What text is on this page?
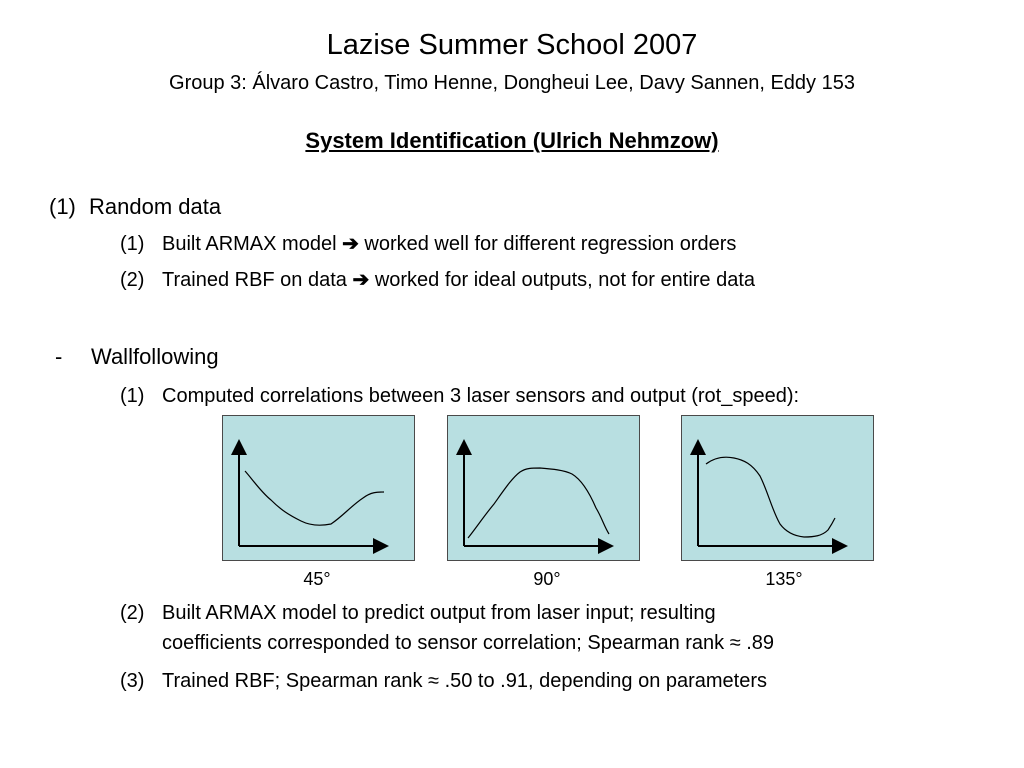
Lazise Summer School 2007
Group 3: Álvaro Castro, Timo Henne, Dongheui Lee, Davy Sannen, Eddy 153
System Identification (Ulrich Nehmzow)
(1) Random data
(1) Built ARMAX model ➔ worked well for different regression orders
(2) Trained RBF on data ➔ worked for ideal outputs, not for entire data
- Wallfollowing
(1) Computed correlations between 3 laser sensors and output (rot_speed):
45°	90°	135°
(2) Built ARMAX model to predict output from laser input; resulting
coefficients corresponded to sensor correlation; Spearman rank ≈ .89
(3) Trained RBF; Spearman rank ≈ .50 to .91, depending on parameters
